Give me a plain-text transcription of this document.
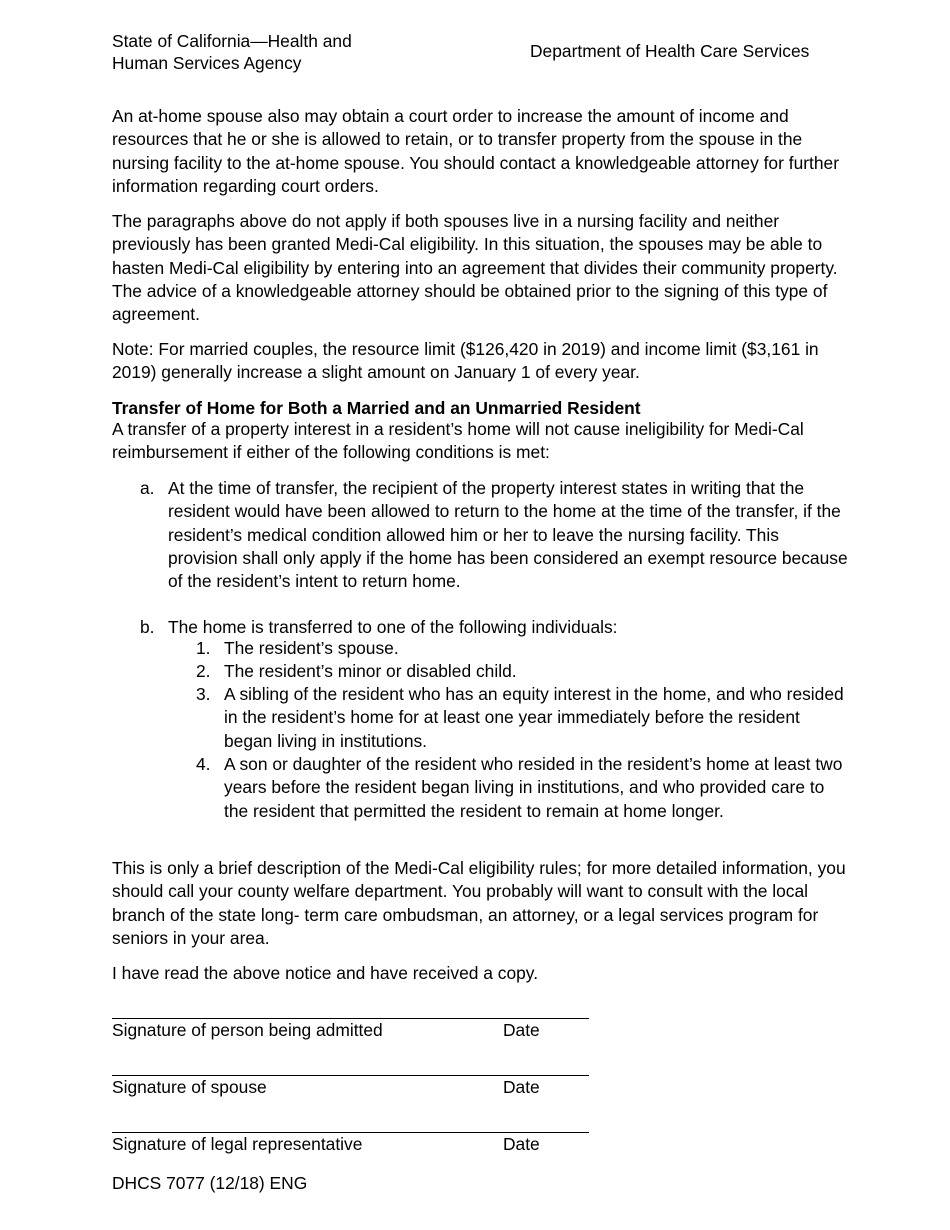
State of California—Health and
Human Services Agency
Department of Health Care Services

An at-home spouse also may obtain a court order to increase the amount of income and resources that he or she is allowed to retain, or to transfer property from the spouse in the nursing facility to the at-home spouse. You should contact a knowledgeable attorney for further information regarding court orders.

The paragraphs above do not apply if both spouses live in a nursing facility and neither previously has been granted Medi-Cal eligibility. In this situation, the spouses may be able to hasten Medi-Cal eligibility by entering into an agreement that divides their community property. The advice of a knowledgeable attorney should be obtained prior to the signing of this type of agreement.

Note: For married couples, the resource limit ($126,420 in 2019) and income limit ($3,161 in 2019) generally increase a slight amount on January 1 of every year.

Transfer of Home for Both a Married and an Unmarried Resident
A transfer of a property interest in a resident’s home will not cause ineligibility for Medi-Cal reimbursement if either of the following conditions is met:
a. At the time of transfer, the recipient of the property interest states in writing that the resident would have been allowed to return to the home at the time of the transfer, if the resident’s medical condition allowed him or her to leave the nursing facility. This provision shall only apply if the home has been considered an exempt resource because of the resident’s intent to return home.
b. The home is transferred to one of the following individuals:
1. The resident’s spouse.
2. The resident’s minor or disabled child.
3. A sibling of the resident who has an equity interest in the home, and who resided in the resident’s home for at least one year immediately before the resident began living in institutions.
4. A son or daughter of the resident who resided in the resident’s home at least two years before the resident began living in institutions, and who provided care to the resident that permitted the resident to remain at home longer.

This is only a brief description of the Medi-Cal eligibility rules; for more detailed information, you should call your county welfare department. You probably will want to consult with the local branch of the state long- term care ombudsman, an attorney, or a legal services program for seniors in your area.

I have read the above notice and have received a copy.

Signature of person being admitted	Date
Signature of spouse	Date
Signature of legal representative	Date
DHCS 7077 (12/18) ENG
